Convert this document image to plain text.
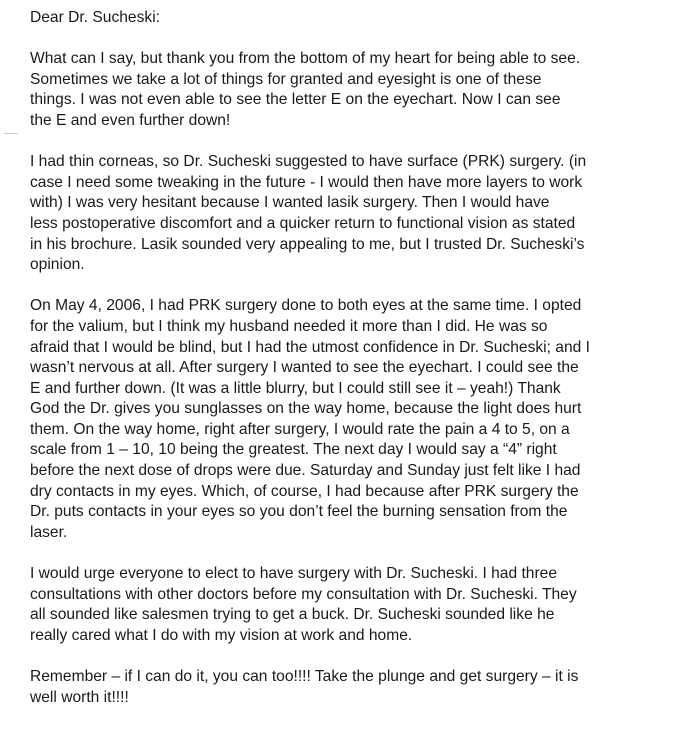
Dear Dr. Sucheski:

What can I say, but thank you from the bottom of my heart for being able to see.
Sometimes we take a lot of things for granted and eyesight is one of these
things. I was not even able to see the letter E on the eyechart. Now I can see
the E and even further down!

I had thin corneas, so Dr. Sucheski suggested to have surface (PRK) surgery. (in
case I need some tweaking in the future - I would then have more layers to work
with) I was very hesitant because I wanted lasik surgery. Then I would have
less postoperative discomfort and a quicker return to functional vision as stated
in his brochure. Lasik sounded very appealing to me, but I trusted Dr. Sucheski’s
opinion.

On May 4, 2006, I had PRK surgery done to both eyes at the same time. I opted
for the valium, but I think my husband needed it more than I did. He was so
afraid that I would be blind, but I had the utmost confidence in Dr. Sucheski; and I
wasn’t nervous at all. After surgery I wanted to see the eyechart. I could see the
E and further down. (It was a little blurry, but I could still see it – yeah!) Thank
God the Dr. gives you sunglasses on the way home, because the light does hurt
them. On the way home, right after surgery, I would rate the pain a 4 to 5, on a
scale from 1 – 10, 10 being the greatest. The next day I would say a “4” right
before the next dose of drops were due. Saturday and Sunday just felt like I had
dry contacts in my eyes. Which, of course, I had because after PRK surgery the
Dr. puts contacts in your eyes so you don’t feel the burning sensation from the
laser.

I would urge everyone to elect to have surgery with Dr. Sucheski. I had three
consultations with other doctors before my consultation with Dr. Sucheski. They
all sounded like salesmen trying to get a buck. Dr. Sucheski sounded like he
really cared what I do with my vision at work and home.

Remember – if I can do it, you can too!!!! Take the plunge and get surgery – it is
well worth it!!!!
